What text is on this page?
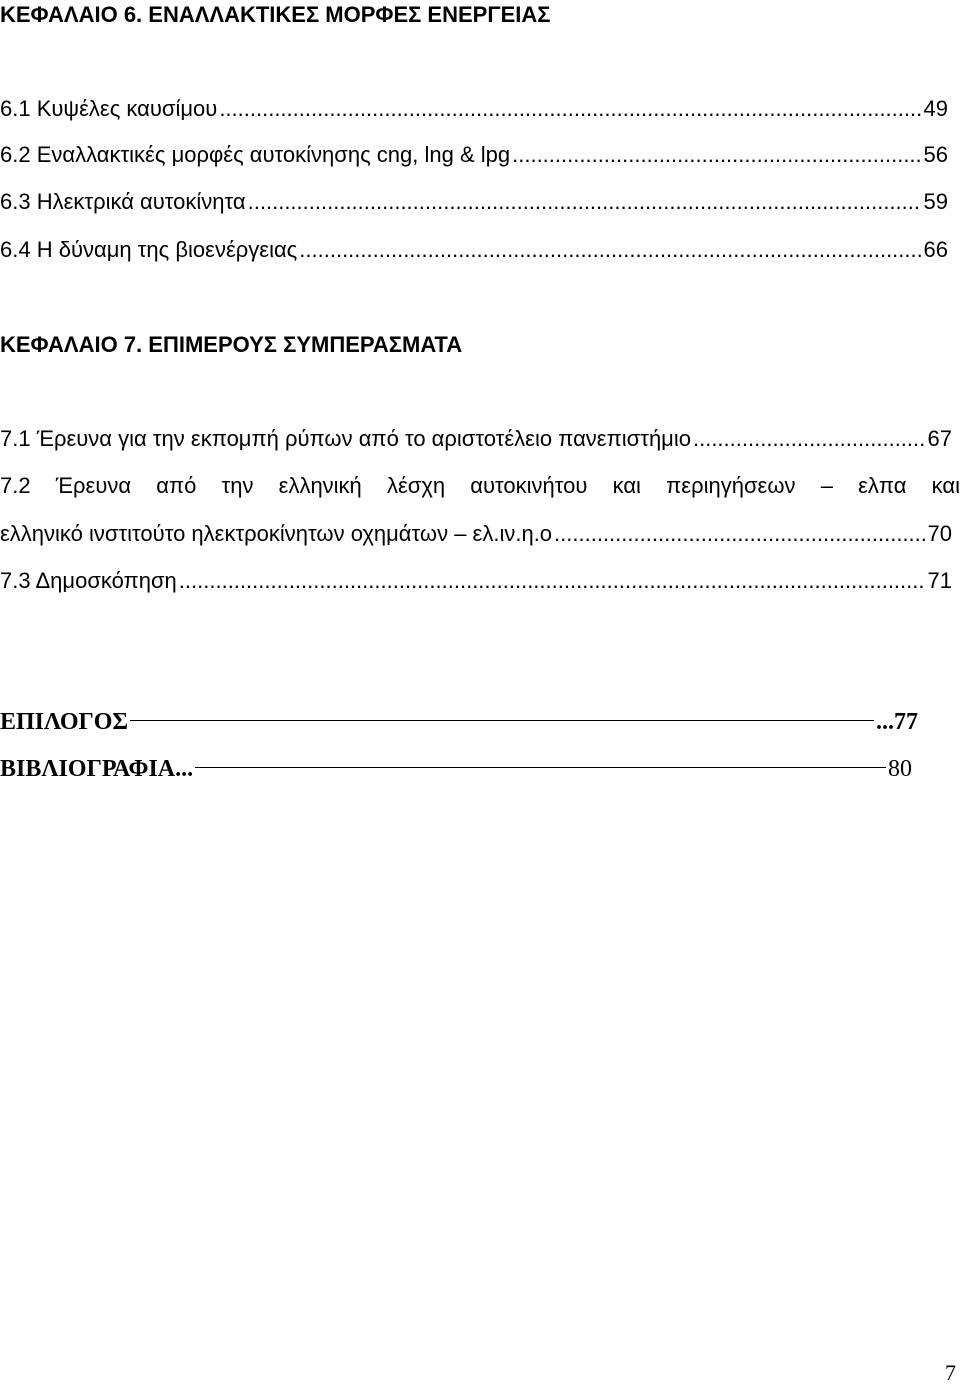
ΚΕΦΑΛΑΙΟ 6. ΕΝΑΛΛΑΚΤΙΚΕΣ ΜΟΡΦΕΣ ΕΝΕΡΓΕΙΑΣ
6.1 Κυψέλες καυσίμου .....	49
6.2 Εναλλακτικές μορφές αυτοκίνησης cng, lng & lpg .....	56
6.3 Ηλεκτρικά αυτοκίνητα .....	59
6.4 Η δύναμη της βιοενέργειας .....	66
ΚΕΦΑΛΑΙΟ 7. ΕΠΙΜΕΡΟΥΣ ΣΥΜΠΕΡΑΣΜΑΤΑ
7.1 Έρευνα για την εκπομπή ρύπων από το αριστοτέλειο πανεπιστήμιο .....	67
7.2 Έρευνα από την ελληνική λέσχη αυτοκινήτου και περιηγήσεων – ελπα και
ελληνικό ινστιτούτο ηλεκτροκίνητων οχημάτων – ελ.ιν.η.ο .....	70
7.3 Δημοσκόπηση .....	71
ΕΠΙΛΟΓΟΣ	...77
ΒΙΒΛΙΟΓΡΑΦΙΑ...	80
7
